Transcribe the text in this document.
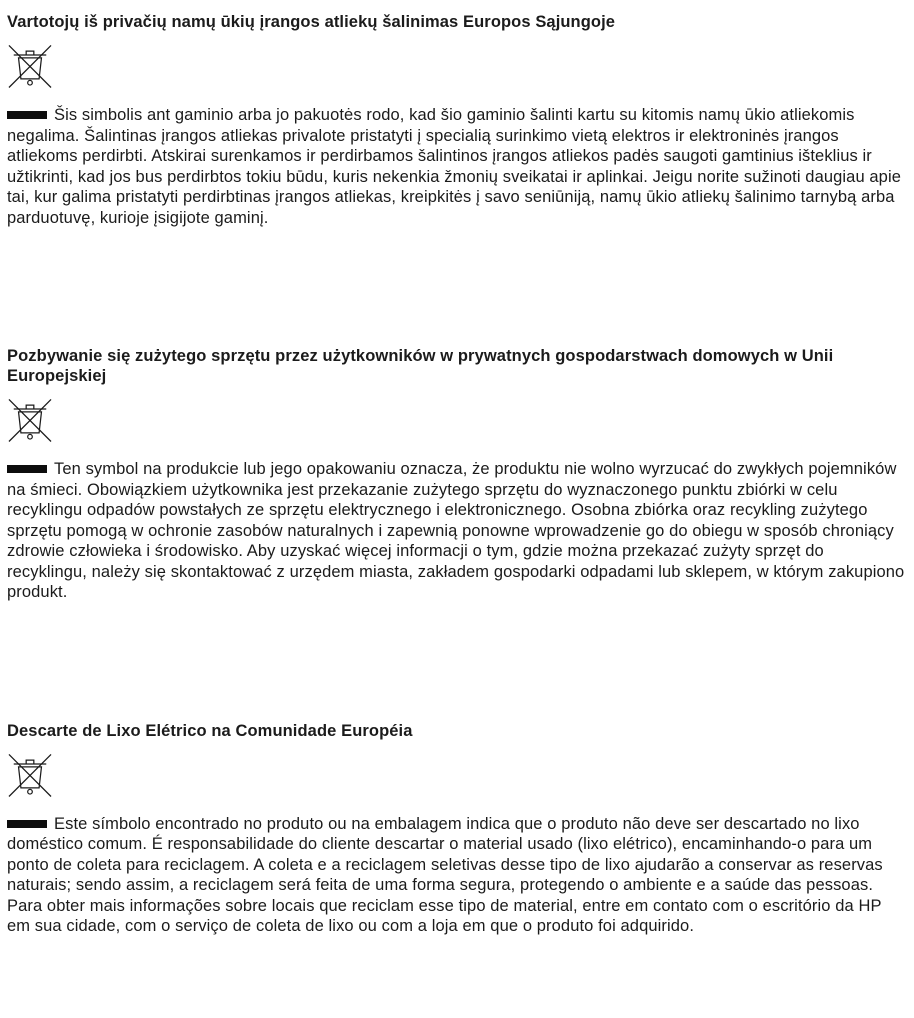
Vartotojų iš privačių namų ūkių įrangos atliekų šalinimas Europos Sąjungoje

Šis simbolis ant gaminio arba jo pakuotės rodo, kad šio gaminio šalinti kartu su kitomis namų ūkio atliekomis negalima. Šalintinas įrangos atliekas privalote pristatyti į specialią surinkimo vietą elektros ir elektroninės įrangos atliekoms perdirbti. Atskirai surenkamos ir perdirbamos šalintinos įrangos atliekos padės saugoti gamtinius išteklius ir užtikrinti, kad jos bus perdirbtos tokiu būdu, kuris nekenkia žmonių sveikatai ir aplinkai. Jeigu norite sužinoti daugiau apie tai, kur galima pristatyti perdirbtinas įrangos atliekas, kreipkitės į savo seniūniją, namų ūkio atliekų šalinimo tarnybą arba parduotuvę, kurioje įsigijote gaminį.

Pozbywanie się zużytego sprzętu przez użytkowników w prywatnych gospodarstwach domowych w Unii Europejskiej

Ten symbol na produkcie lub jego opakowaniu oznacza, że produktu nie wolno wyrzucać do zwykłych pojemników na śmieci. Obowiązkiem użytkownika jest przekazanie zużytego sprzętu do wyznaczonego punktu zbiórki w celu recyklingu odpadów powstałych ze sprzętu elektrycznego i elektronicznego. Osobna zbiórka oraz recykling zużytego sprzętu pomogą w ochronie zasobów naturalnych i zapewnią ponowne wprowadzenie go do obiegu w sposób chroniący zdrowie człowieka i środowisko. Aby uzyskać więcej informacji o tym, gdzie można przekazać zużyty sprzęt do recyklingu, należy się skontaktować z urzędem miasta, zakładem gospodarki odpadami lub sklepem, w którym zakupiono produkt.

Descarte de Lixo Elétrico na Comunidade Européia

Este símbolo encontrado no produto ou na embalagem indica que o produto não deve ser descartado no lixo doméstico comum. É responsabilidade do cliente descartar o material usado (lixo elétrico), encaminhando-o para um ponto de coleta para reciclagem. A coleta e a reciclagem seletivas desse tipo de lixo ajudarão a conservar as reservas naturais; sendo assim, a reciclagem será feita de uma forma segura, protegendo o ambiente e a saúde das pessoas. Para obter mais informações sobre locais que reciclam esse tipo de material, entre em contato com o escritório da HP em sua cidade, com o serviço de coleta de lixo ou com a loja em que o produto foi adquirido.
